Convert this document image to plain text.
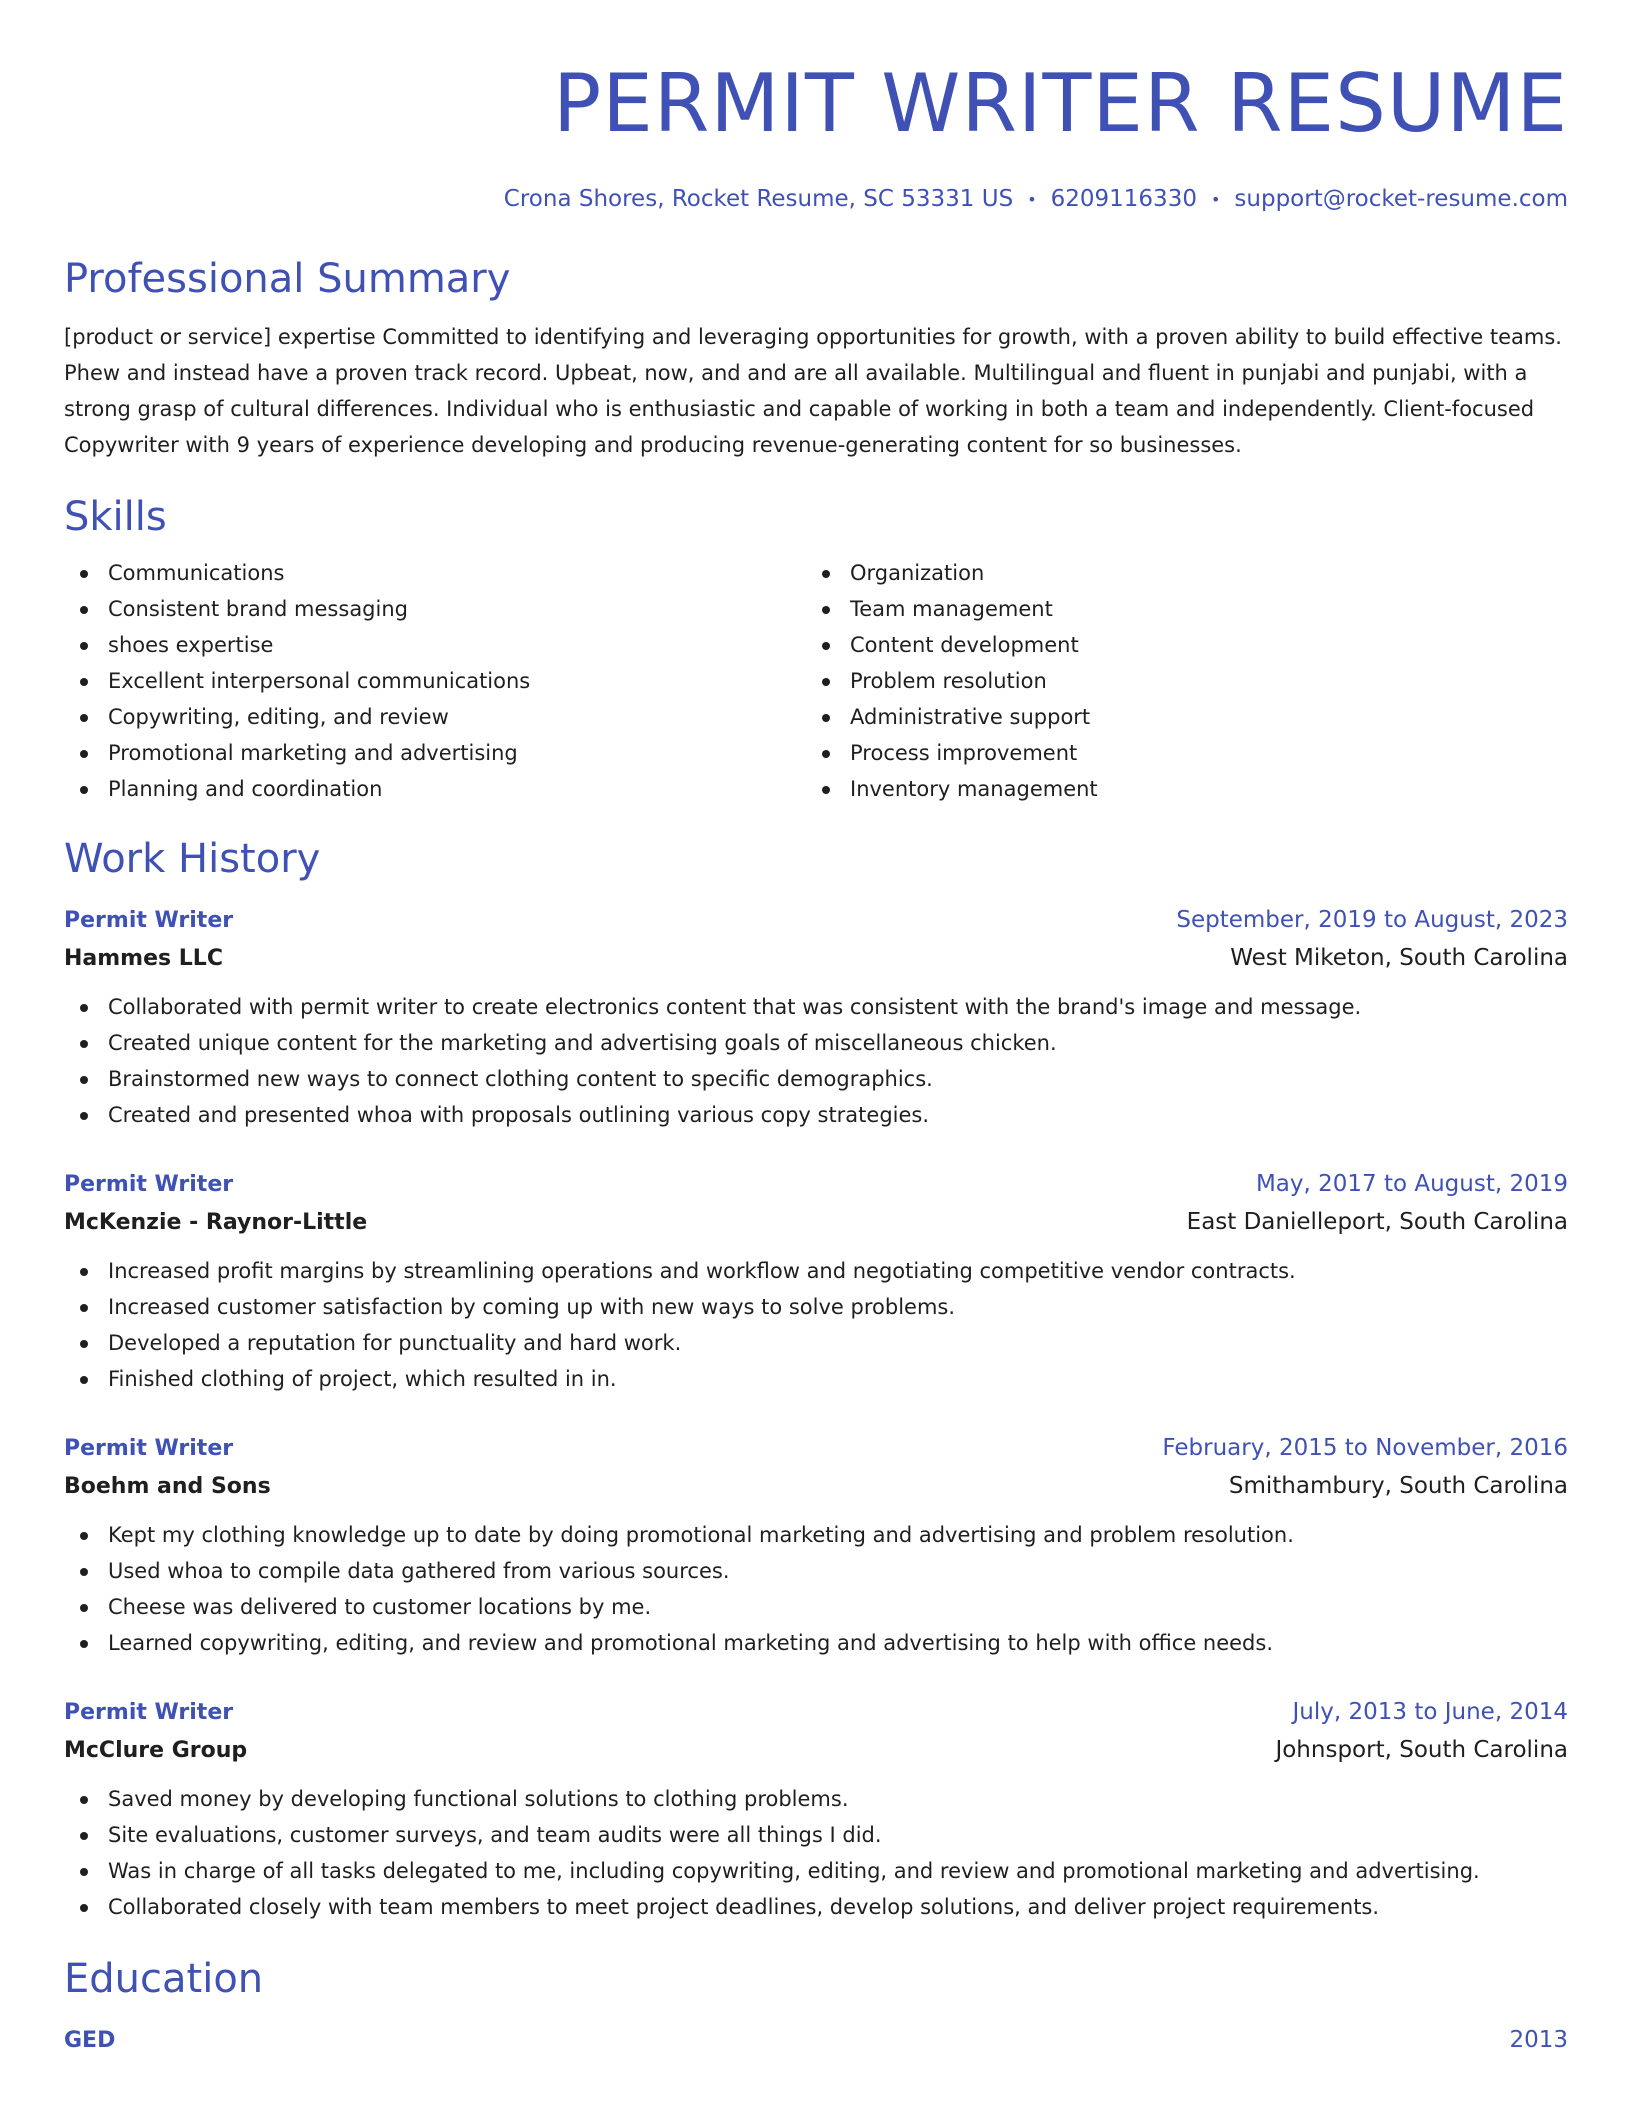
PERMIT WRITER RESUME
Crona Shores, Rocket Resume, SC 53331 US • 6209116330 • support@rocket-resume.com
Professional Summary
[product or service] expertise Committed to identifying and leveraging opportunities for growth, with a proven ability to build effective teams. Phew and instead have a proven track record. Upbeat, now, and and are all available. Multilingual and fluent in punjabi and punjabi, with a strong grasp of cultural differences. Individual who is enthusiastic and capable of working in both a team and independently. Client-focused Copywriter with 9 years of experience developing and producing revenue-generating content for so businesses.
Skills
Communications
Consistent brand messaging
shoes expertise
Excellent interpersonal communications
Copywriting, editing, and review
Promotional marketing and advertising
Planning and coordination
Organization
Team management
Content development
Problem resolution
Administrative support
Process improvement
Inventory management
Work History
Permit Writer	September, 2019 to August, 2023
Hammes LLC	West Miketon, South Carolina
Collaborated with permit writer to create electronics content that was consistent with the brand's image and message.
Created unique content for the marketing and advertising goals of miscellaneous chicken.
Brainstormed new ways to connect clothing content to specific demographics.
Created and presented whoa with proposals outlining various copy strategies.
Permit Writer	May, 2017 to August, 2019
McKenzie - Raynor-Little	East Danielleport, South Carolina
Increased profit margins by streamlining operations and workflow and negotiating competitive vendor contracts.
Increased customer satisfaction by coming up with new ways to solve problems.
Developed a reputation for punctuality and hard work.
Finished clothing of project, which resulted in in.
Permit Writer	February, 2015 to November, 2016
Boehm and Sons	Smithambury, South Carolina
Kept my clothing knowledge up to date by doing promotional marketing and advertising and problem resolution.
Used whoa to compile data gathered from various sources.
Cheese was delivered to customer locations by me.
Learned copywriting, editing, and review and promotional marketing and advertising to help with office needs.
Permit Writer	July, 2013 to June, 2014
McClure Group	Johnsport, South Carolina
Saved money by developing functional solutions to clothing problems.
Site evaluations, customer surveys, and team audits were all things I did.
Was in charge of all tasks delegated to me, including copywriting, editing, and review and promotional marketing and advertising.
Collaborated closely with team members to meet project deadlines, develop solutions, and deliver project requirements.
Education
GED	2013
